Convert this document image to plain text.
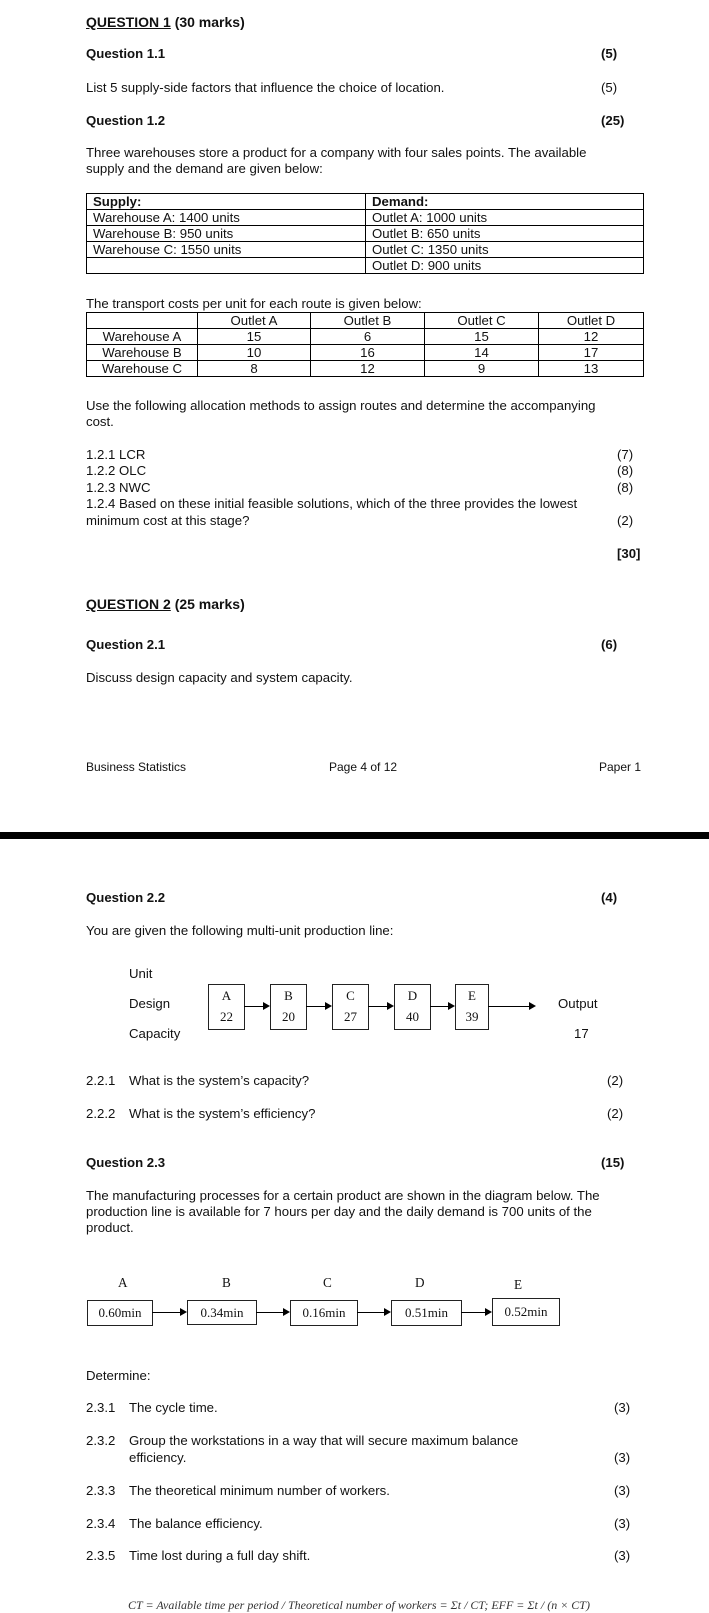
QUESTION 1 (30 marks)
Question 1.1	(5)
List 5 supply-side factors that influence the choice of location.	(5)
Question 1.2	(25)
Three warehouses store a product for a company with four sales points. The available
supply and the demand are given below:
Supply:	Demand:
Warehouse A: 1400 units	Outlet A: 1000 units
Warehouse B: 950 units	Outlet B: 650 units
Warehouse C: 1550 units	Outlet C: 1350 units
	Outlet D: 900 units
The transport costs per unit for each route is given below:
	Outlet A	Outlet B	Outlet C	Outlet D
Warehouse A	15	6	15	12
Warehouse B	10	16	14	17
Warehouse C	8	12	9	13
Use the following allocation methods to assign routes and determine the accompanying
cost.
1.2.1 LCR	(7)
1.2.2 OLC	(8)
1.2.3 NWC	(8)
1.2.4 Based on these initial feasible solutions, which of the three provides the lowest
minimum cost at this stage?	(2)
[30]
QUESTION 2 (25 marks)
Question 2.1	(6)
Discuss design capacity and system capacity.
Business Statistics	Page 4 of 12	Paper 1
Question 2.2	(4)
You are given the following multi-unit production line:
Unit
Design
Capacity
A
22
B
20
C
27
D
40
E
39
Output
17
2.2.1 What is the system’s capacity?	(2)
2.2.2 What is the system’s efficiency?	(2)
Question 2.3	(15)
The manufacturing processes for a certain product are shown in the diagram below. The
production line is available for 7 hours per day and the daily demand is 700 units of the
product.
A	B	C	D	E
0.60min	0.34min	0.16min	0.51min	0.52min
Determine:
2.3.1 The cycle time.	(3)
2.3.2 Group the workstations in a way that will secure maximum balance
efficiency.	(3)
2.3.3 The theoretical minimum number of workers.	(3)
2.3.4 The balance efficiency.	(3)
2.3.5 Time lost during a full day shift.	(3)
CT = Available time per period / Theoretical number of workers = Σt / CT; EFF = Σt / (n × CT)
